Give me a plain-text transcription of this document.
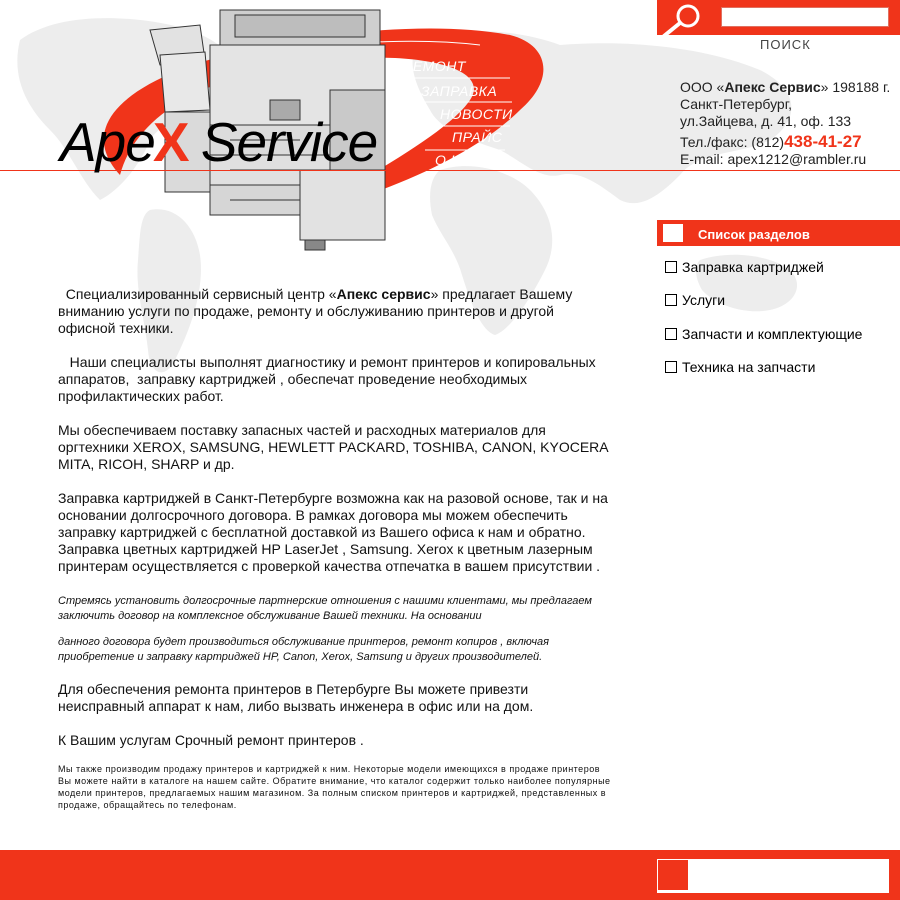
ApeX Service
РЕМОНТ
ЗАПРАВКА
НОВОСТИ
ПРАЙС
О НАС
ПОИСК
ООО «Апекс Сервис» 198188 г.
Санкт-Петербург,
ул.Зайцева, д. 41, оф. 133
Тел./факс: (812)438-41-27
E-mail: apex1212@rambler.ru
Список разделов
Заправка картриджей
Услуги
Запчасти и комплектующие
Техника на запчасти

Специализированный сервисный центр «Апекс сервис» предлагает Вашему вниманию услуги по продаже, ремонту и обслуживанию принтеров и другой офисной техники.

Наши специалисты выполнят диагностику и ремонт принтеров и копировальных аппаратов,  заправку картриджей , обеспечат проведение необходимых профилактических работ.

Мы обеспечиваем поставку запасных частей и расходных материалов для оргтехники XEROX, SAMSUNG, HEWLETT PACKARD, TOSHIBA, CANON, KYOCERA MITA, RICOH, SHARP и др.

Заправка картриджей в Санкт-Петербурге возможна как на разовой основе, так и на основании долгосрочного договора. В рамках договора мы можем обеспечить заправку картриджей с бесплатной доставкой из Вашего офиса к нам и обратно. Заправка цветных картриджей HP LaserJet , Samsung. Xerox к цветным лазерным принтерам осуществляется с проверкой качества отпечатка в вашем присутствии .

Стремясь установить долгосрочные партнерские отношения с нашими клиентами, мы предлагаем заключить договор на комплексное обслуживание Вашей техники. На основании

данного договора будет производиться обслуживание принтеров, ремонт копиров , включая приобретение и заправку картриджей HP, Canon, Xerox, Samsung и других производителей.

Для обеспечения ремонта принтеров в Петербурге Вы можете привезти неисправный аппарат к нам, либо вызвать инженера в офис или на дом.

К Вашим услугам Срочный ремонт принтеров .

Мы также производим продажу принтеров и картриджей к ним. Некоторые модели имеющихся в продаже принтеров Вы можете найти в каталоге на нашем сайте. Обратите внимание, что каталог содержит только наиболее популярные модели принтеров, предлагаемых нашим магазином. За полным списком принтеров и картриджей, представленных в продаже, обращайтесь по телефонам.
